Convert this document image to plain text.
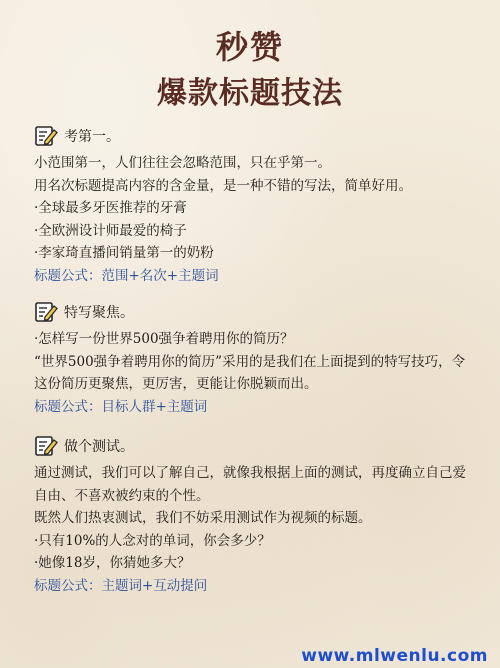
秒赞
爆款标题技法
考第一。
小范围第一，人们往往会忽略范围，只在乎第一。
用名次标题提高内容的含金量，是一种不错的写法，简单好用。
·全球最多牙医推荐的牙膏
·全欧洲设计师最爱的椅子
·李家琦直播间销量第一的奶粉
标题公式：范围+名次+主题词
特写聚焦。
·怎样写一份世界500强争着聘用你的简历？
“世界500强争着聘用你的简历”采用的是我们在上面提到的特写技巧，令这份简历更聚焦，更厉害，更能让你脱颖而出。
标题公式：目标人群+主题词
做个测试。
通过测试，我们可以了解自己，就像我根据上面的测试，再度确立自己爱自由、不喜欢被约束的个性。
既然人们热衷测试，我们不妨采用测试作为视频的标题。
·只有10%的人念对的单词，你会多少？
·她像18岁，你猜她多大？
标题公式：主题词+互动提问
www.mlwenlu.com
